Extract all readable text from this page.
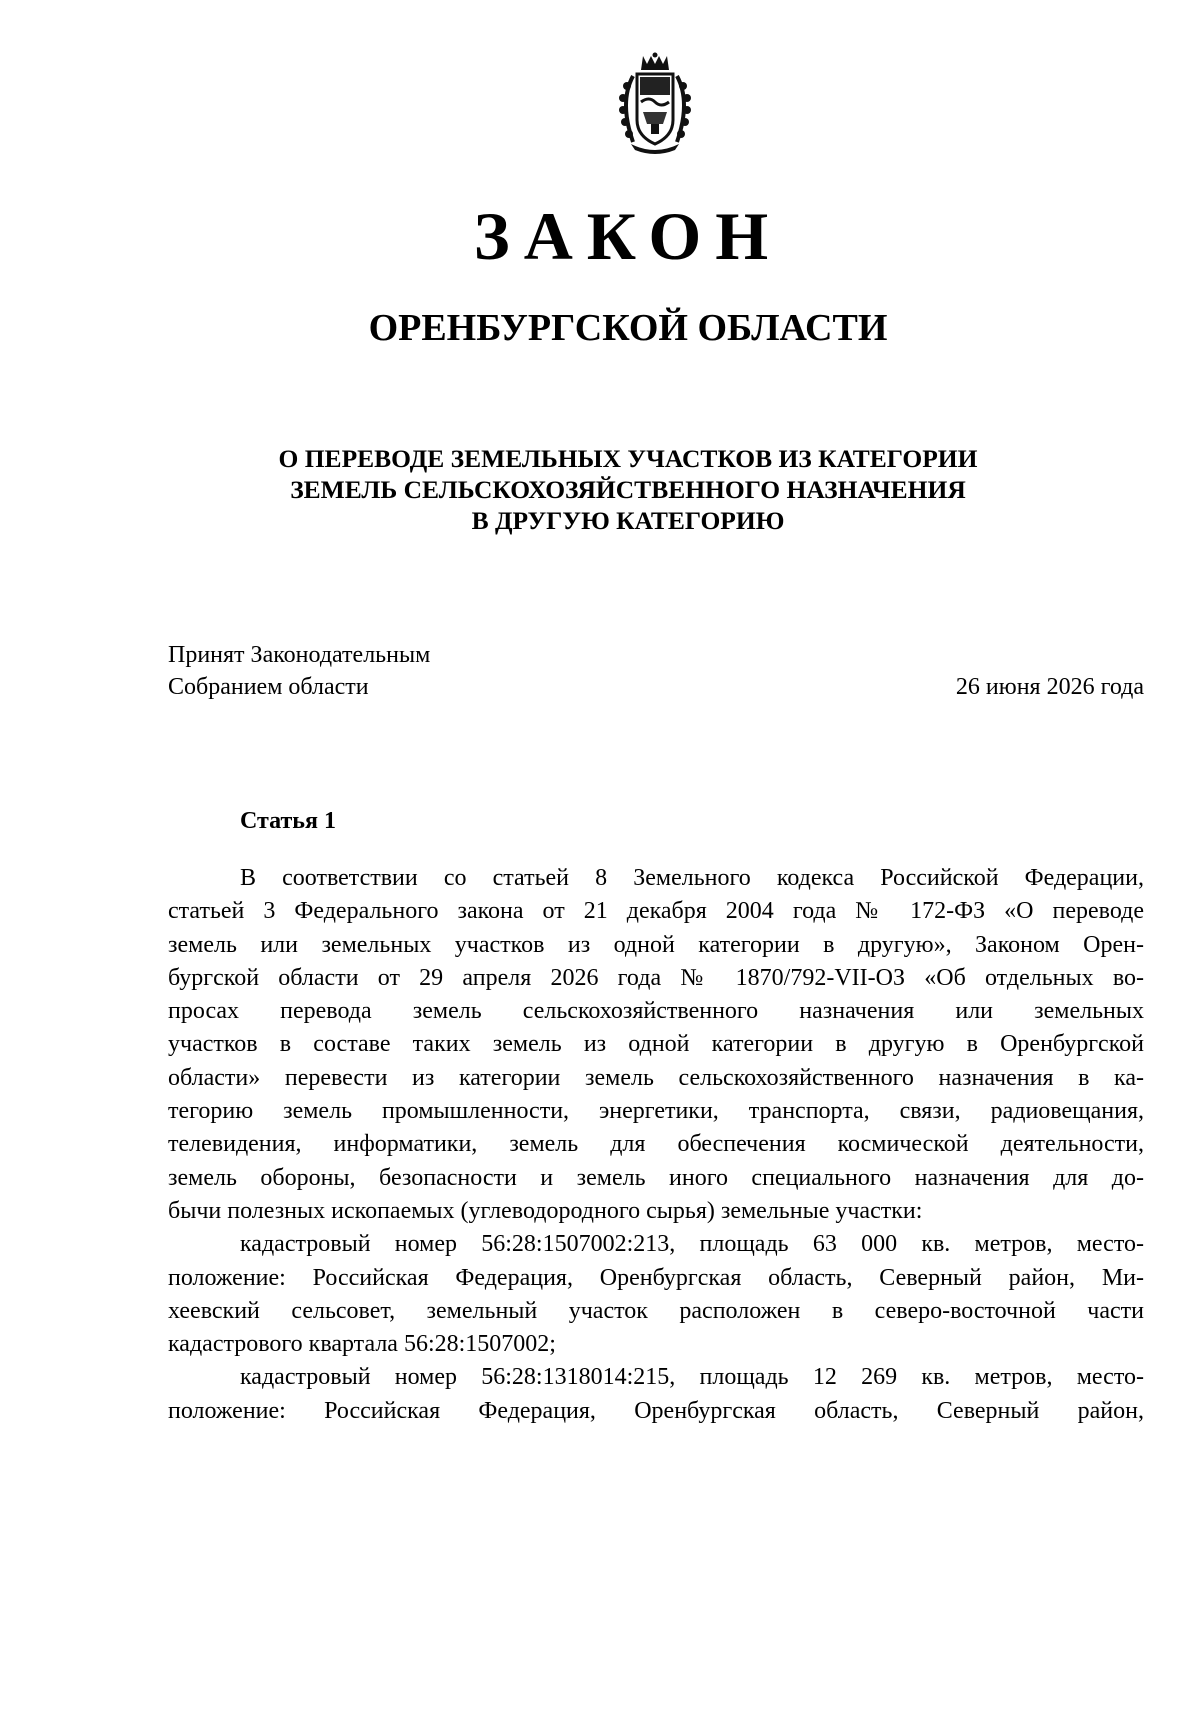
ЗАКОН
ОРЕНБУРГСКОЙ ОБЛАСТИ
О ПЕРЕВОДЕ ЗЕМЕЛЬНЫХ УЧАСТКОВ ИЗ КАТЕГОРИИ
ЗЕМЕЛЬ СЕЛЬСКОХОЗЯЙСТВЕННОГО НАЗНАЧЕНИЯ
В ДРУГУЮ КАТЕГОРИЮ
Принят Законодательным
Собранием области	26 июня 2026 года
Статья 1
В соответствии со статьей 8 Земельного кодекса Российской Федерации,
статьей 3 Федерального закона от 21 декабря 2004 года № 172-ФЗ «О переводе
земель или земельных участков из одной категории в другую», Законом Орен-
бургской области от 29 апреля 2026 года № 1870/792-VII-ОЗ «Об отдельных во-
просах перевода земель сельскохозяйственного назначения или земельных
участков в составе таких земель из одной категории в другую в Оренбургской
области» перевести из категории земель сельскохозяйственного назначения в ка-
тегорию земель промышленности, энергетики, транспорта, связи, радиовещания,
телевидения, информатики, земель для обеспечения космической деятельности,
земель обороны, безопасности и земель иного специального назначения для до-
бычи полезных ископаемых (углеводородного сырья) земельные участки:
кадастровый номер 56:28:1507002:213, площадь 63 000 кв. метров, место-
положение: Российская Федерация, Оренбургская область, Северный район, Ми-
хеевский сельсовет, земельный участок расположен в северо-восточной части
кадастрового квартала 56:28:1507002;
кадастровый номер 56:28:1318014:215, площадь 12 269 кв. метров, место-
положение: Российская Федерация, Оренбургская область, Северный район,
